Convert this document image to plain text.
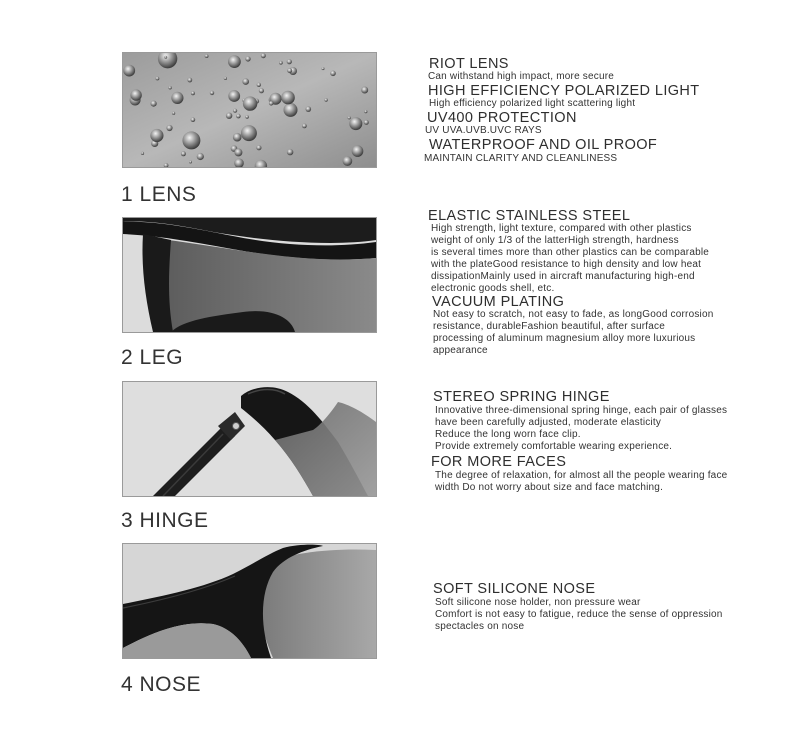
1 LENS
RIOT LENS
Can withstand high impact, more secure
HIGH EFFICIENCY POLARIZED LIGHT
High efficiency polarized light scattering light
UV400 PROTECTION
UV UVA.UVB.UVC RAYS
WATERPROOF AND OIL PROOF
MAINTAIN CLARITY AND CLEANLINESS
2 LEG
ELASTIC STAINLESS STEEL
High strength, light texture, compared with other plastics
weight of only 1/3 of the latterHigh strength, hardness
is several times more than other plastics can be comparable
with the plateGood resistance to high density and low heat
dissipationMainly used in aircraft manufacturing high-end
electronic goods shell, etc.
VACUUM PLATING
Not easy to scratch, not easy to fade, as longGood corrosion
resistance, durableFashion beautiful, after surface
processing of aluminum magnesium alloy more luxurious
appearance
3 HINGE
STEREO SPRING HINGE
Innovative three-dimensional spring hinge, each pair of glasses
have been carefully adjusted, moderate elasticity
Reduce the long worn face clip.
Provide extremely comfortable wearing experience.
FOR MORE FACES
The degree of relaxation, for almost all the people wearing face
width Do not worry about size and face matching.
4 NOSE
SOFT SILICONE NOSE
Soft silicone nose holder, non pressure wear
Comfort is not easy to fatigue, reduce the sense of oppression
spectacles on nose
